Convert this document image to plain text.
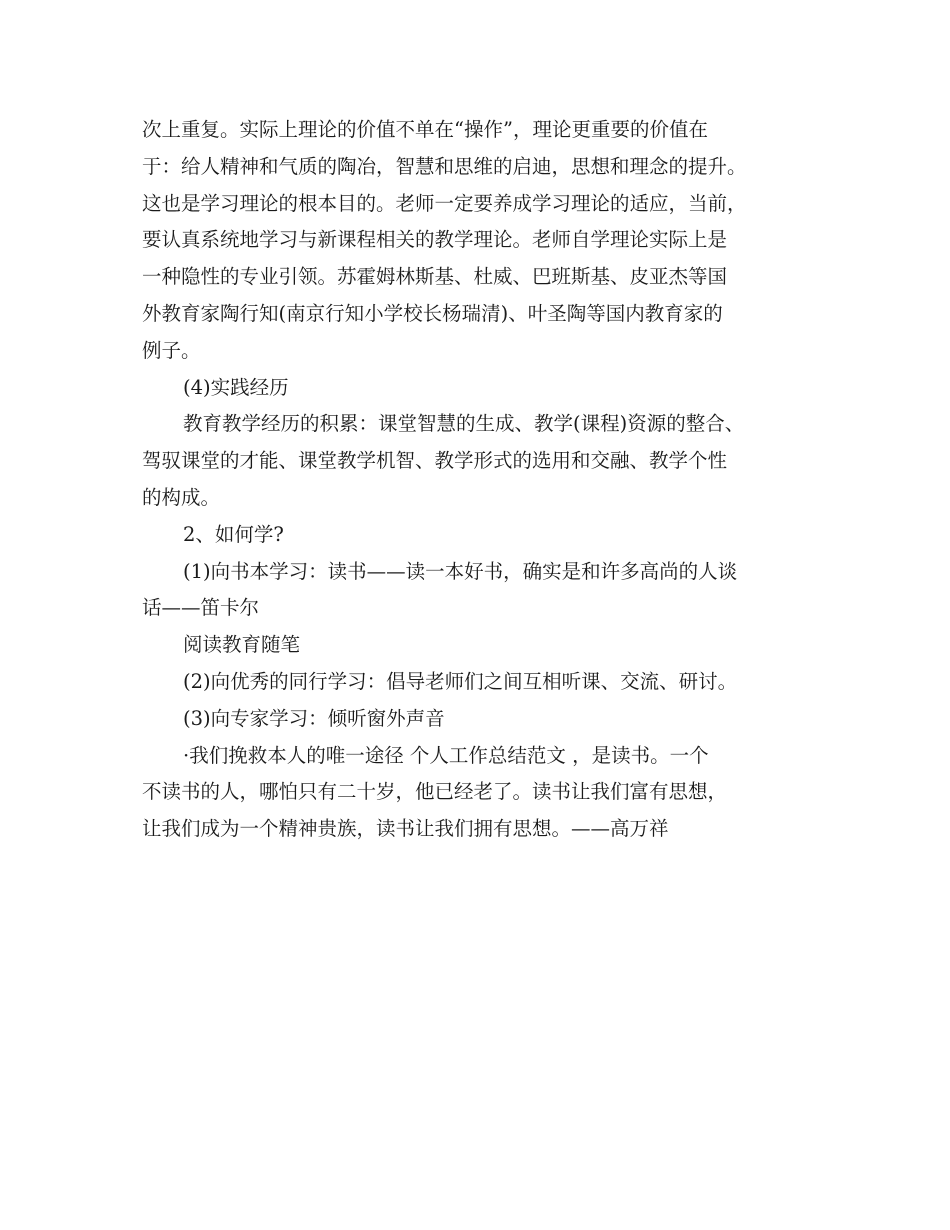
次上重复。实际上理论的价值不单在“操作”，理论更重要的价值在
于：给人精神和气质的陶冶，智慧和思维的启迪，思想和理念的提升。
这也是学习理论的根本目的。老师一定要养成学习理论的适应，当前，
要认真系统地学习与新课程相关的教学理论。老师自学理论实际上是
一种隐性的专业引领。苏霍姆林斯基、杜威、巴班斯基、皮亚杰等国
外教育家陶行知(南京行知小学校长杨瑞清)、叶圣陶等国内教育家的
例子。
(4)实践经历
教育教学经历的积累：课堂智慧的生成、教学(课程)资源的整合、
驾驭课堂的才能、课堂教学机智、教学形式的选用和交融、教学个性
的构成。
2、如何学?
(1)向书本学习：读书——读一本好书，确实是和许多高尚的人谈
话——笛卡尔
阅读教育随笔
(2)向优秀的同行学习：倡导老师们之间互相听课、交流、研讨。
(3)向专家学习：倾听窗外声音
·我们挽救本人的唯一途径 个人工作总结范文 ，是读书。一个
不读书的人，哪怕只有二十岁，他已经老了。读书让我们富有思想，
让我们成为一个精神贵族，读书让我们拥有思想。——高万祥
